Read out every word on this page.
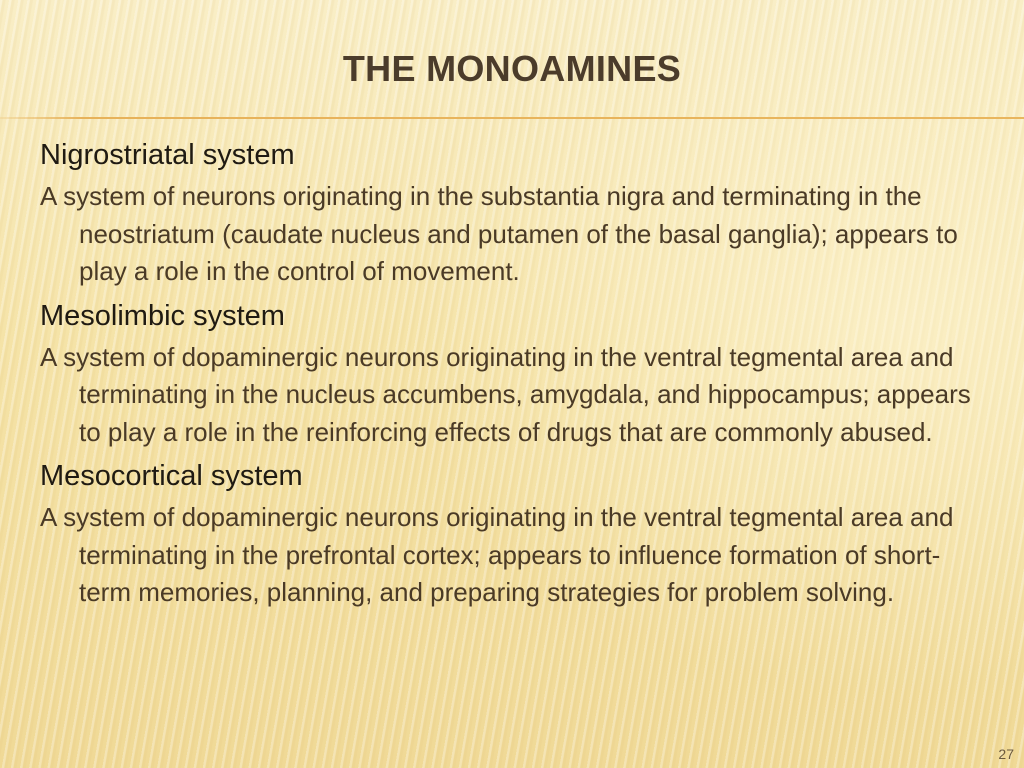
THE MONOAMINES

Nigrostriatal system

A system of neurons originating in the substantia nigra and terminating in the neostriatum (caudate nucleus and putamen of the basal ganglia); appears to play a role in the control of movement.

Mesolimbic system

A system of dopaminergic neurons originating in the ventral tegmental area and terminating in the nucleus accumbens, amygdala, and hippocampus; appears to play a role in the reinforcing effects of drugs that are commonly abused.

Mesocortical system

A system of dopaminergic neurons originating in the ventral tegmental area and terminating in the prefrontal cortex; appears to influence formation of short-term memories, planning, and preparing strategies for problem solving.

27
